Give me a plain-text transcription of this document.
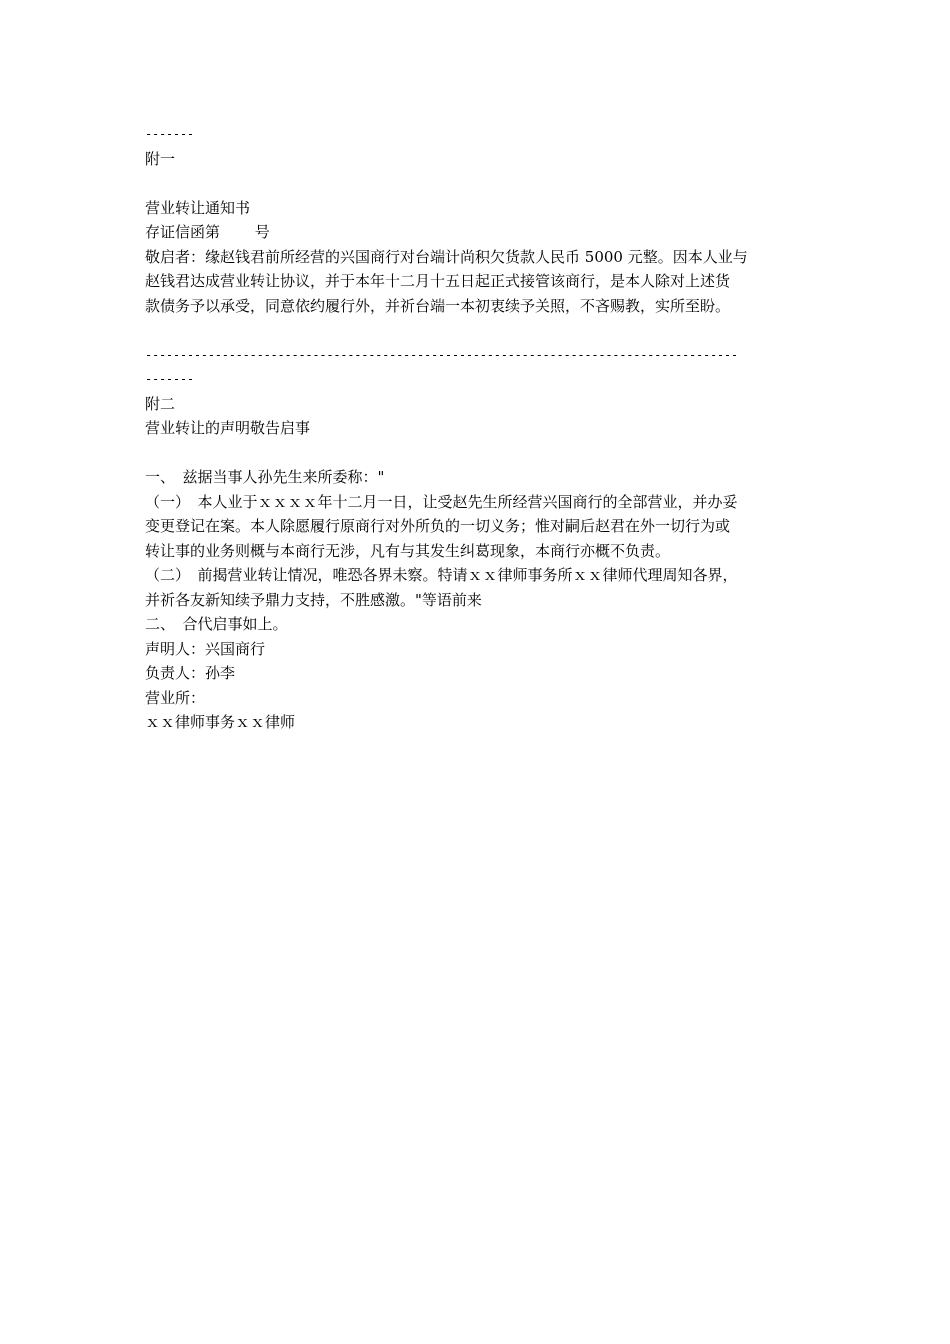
-------
附一
营业转让通知书
存证信函第 　　号
敬启者：缘赵钱君前所经营的兴国商行对台端计尚积欠货款人民币 5000 元整。因本人业与
赵钱君达成营业转让协议，并于本年十二月十五日起正式接管该商行，是本人除对上述货
款债务予以承受，同意依约履行外，并祈台端一本初衷续予关照，不吝赐教，实所至盼。
-------------------------------------------------------------------------------------
-------
附二
营业转让的声明敬告启事
一、　兹据当事人孙先生来所委称："
（一）　本人业于ｘｘｘｘ年十二月一日，让受赵先生所经营兴国商行的全部营业，并办妥
变更登记在案。本人除愿履行原商行对外所负的一切义务；惟对嗣后赵君在外一切行为或
转让事的业务则概与本商行无涉，凡有与其发生纠葛现象，本商行亦概不负责。
（二）　前揭营业转让情况，唯恐各界未察。特请ｘｘ律师事务所ｘｘ律师代理周知各界，
并祈各友新知续予鼎力支持，不胜感激。"等语前来
二、　合代启事如上。
声明人：兴国商行
负责人：孙李
营业所：
ｘｘ律师事务ｘｘ律师
